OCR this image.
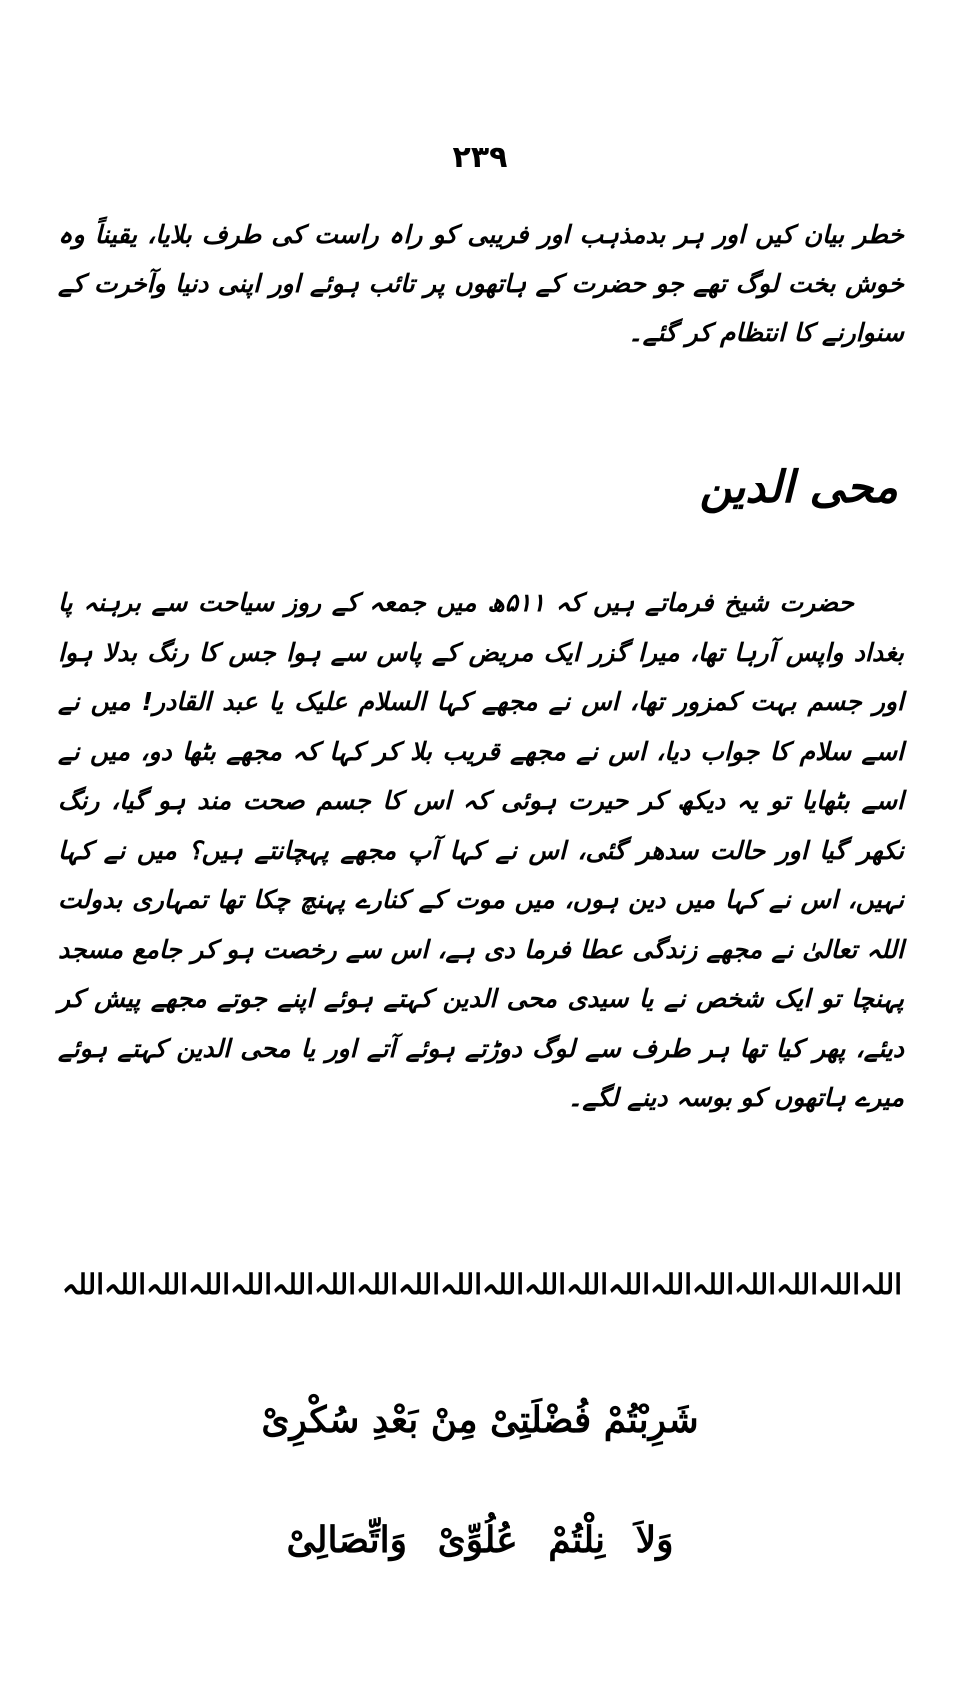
۲۳۹

خطر بیان کیں اور ہر بدمذہب اور فریبی کو راہ راست کی طرف بلایا، یقیناً وہ خوش بخت لوگ تھے جو حضرت کے ہاتھوں پر تائب ہوئے اور اپنی دنیا وآخرت کے سنوارنے کا انتظام کر گئے۔

محی الدین

حضرت شیخ فرماتے ہیں کہ ۵۱۱ھ میں جمعہ کے روز سیاحت سے برہنہ پا بغداد واپس آرہا تھا، میرا گزر ایک مریض کے پاس سے ہوا جس کا رنگ بدلا ہوا اور جسم بہت کمزور تھا، اس نے مجھے کہا السلام علیک یا عبد القادر! میں نے اسے سلام کا جواب دیا، اس نے مجھے قریب بلا کر کہا کہ مجھے بٹھا دو، میں نے اسے بٹھایا تو یہ دیکھ کر حیرت ہوئی کہ اس کا جسم صحت مند ہو گیا، رنگ نکھر گیا اور حالت سدھر گئی، اس نے کہا آپ مجھے پہچانتے ہیں؟ میں نے کہا نہیں، اس نے کہا میں دین ہوں، میں موت کے کنارے پہنچ چکا تھا تمہاری بدولت اللہ تعالیٰ نے مجھے زندگی عطا فرما دی ہے، اس سے رخصت ہو کر جامع مسجد پہنچا تو ایک شخص نے یا سیدی محی الدین کہتے ہوئے اپنے جوتے مجھے پیش کر دیئے، پھر کیا تھا ہر طرف سے لوگ دوڑتے ہوئے آتے اور یا محی الدین کہتے ہوئے میرے ہاتھوں کو بوسہ دینے لگے۔

اللہ
اللہ
اللہ
اللہ
اللہ
اللہ
اللہ
اللہ
اللہ
اللہ
اللہ
اللہ
اللہ
اللہ
اللہ
اللہ
اللہ
اللہ
اللہ
اللہ
شَرِبْتُمْ فُضْلَتِیْ مِنْ بَعْدِ سُکْرِیْ
وَلاَ نِلْتُمْ عُلُوِّیْ وَاتِّصَالِیْ
